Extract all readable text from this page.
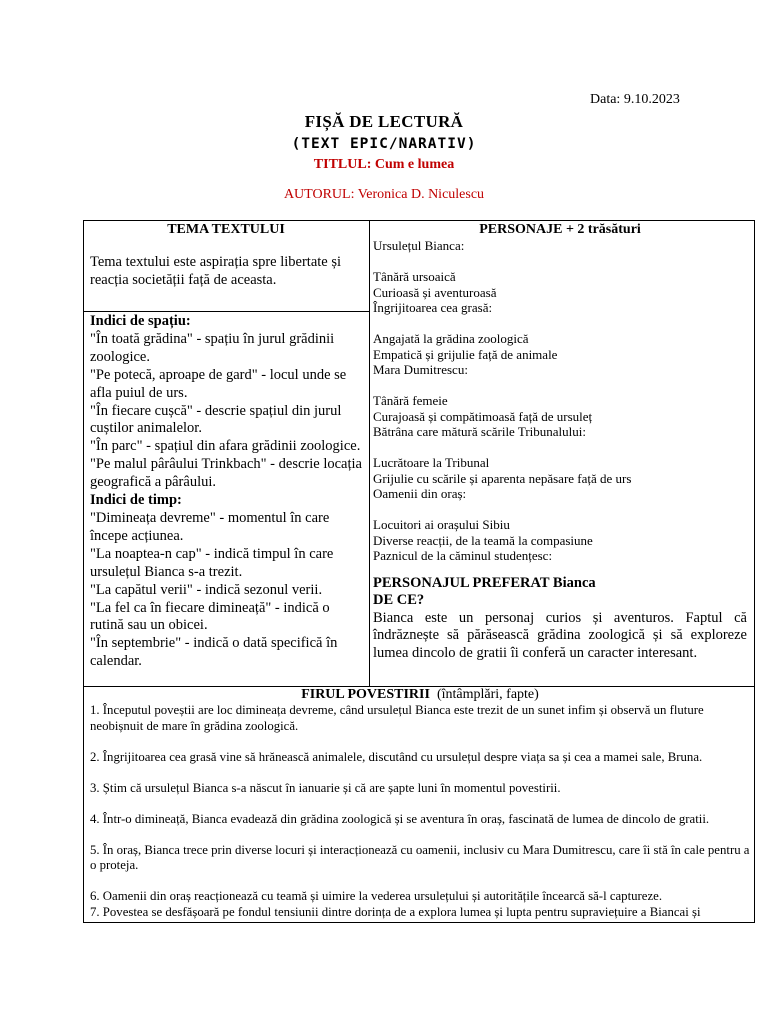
Data: 9.10.2023
FIȘĂ DE LECTURĂ
(TEXT EPIC/NARATIV)
TITLUL: Cum e lumea
AUTORUL: Veronica D. Niculescu
TEMA TEXTULUI
Tema textului este aspirația spre libertate și reacția societății față de aceasta.
Indici de spațiu:
"În toată grădina" - spațiu în jurul grădinii zoologice.
"Pe potecă, aproape de gard" - locul unde se afla puiul de urs.
"În fiecare cușcă" - descrie spațiul din jurul cuștilor animalelor.
"În parc" - spațiul din afara grădinii zoologice.
"Pe malul pârâului Trinkbach" - descrie locația geografică a pârâului.
Indici de timp:
"Dimineața devreme" - momentul în care începe acțiunea.
"La noaptea-n cap" - indică timpul în care ursulețul Bianca s-a trezit.
"La capătul verii" - indică sezonul verii.
"La fel ca în fiecare dimineață" - indică o rutină sau un obicei.
"În septembrie" - indică o dată specifică în calendar.
PERSONAJE + 2 trăsături
Ursulețul Bianca:
Tânără ursoaică
Curioasă și aventuroasă
Îngrijitoarea cea grasă:
Angajată la grădina zoologică
Empatică și grijulie față de animale
Mara Dumitrescu:
Tânără femeie
Curajoasă și compătimoasă față de ursuleț
Bătrâna care mătură scările Tribunalului:
Lucrătoare la Tribunal
Grijulie cu scările și aparenta nepăsare față de urs
Oamenii din oraș:
Locuitori ai orașului Sibiu
Diverse reacții, de la teamă la compasiune
Paznicul de la căminul studențesc:
PERSONAJUL PREFERAT Bianca
DE CE?
Bianca este un personaj curios și aventuros. Faptul că îndrăznește să părăsească grădina zoologică și să exploreze lumea dincolo de gratii îi conferă un caracter interesant.
FIRUL POVESTIRII (întâmplări, fapte)
1. Începutul poveștii are loc dimineața devreme, când ursulețul Bianca este trezit de un sunet infim și observă un fluture neobișnuit de mare în grădina zoologică.
2. Îngrijitoarea cea grasă vine să hrănească animalele, discutând cu ursulețul despre viața sa și cea a mamei sale, Bruna.
3. Știm că ursulețul Bianca s-a născut în ianuarie și că are șapte luni în momentul povestirii.
4. Într-o dimineață, Bianca evadează din grădina zoologică și se aventura în oraș, fascinată de lumea de dincolo de gratii.
5. În oraș, Bianca trece prin diverse locuri și interacționează cu oamenii, inclusiv cu Mara Dumitrescu, care îi stă în cale pentru a o proteja.
6. Oamenii din oraș reacționează cu teamă și uimire la vederea ursulețului și autoritățile încearcă să-l captureze.
7. Povestea se desfășoară pe fondul tensiunii dintre dorința de a explora lumea și lupta pentru supraviețuire a Biancai și
